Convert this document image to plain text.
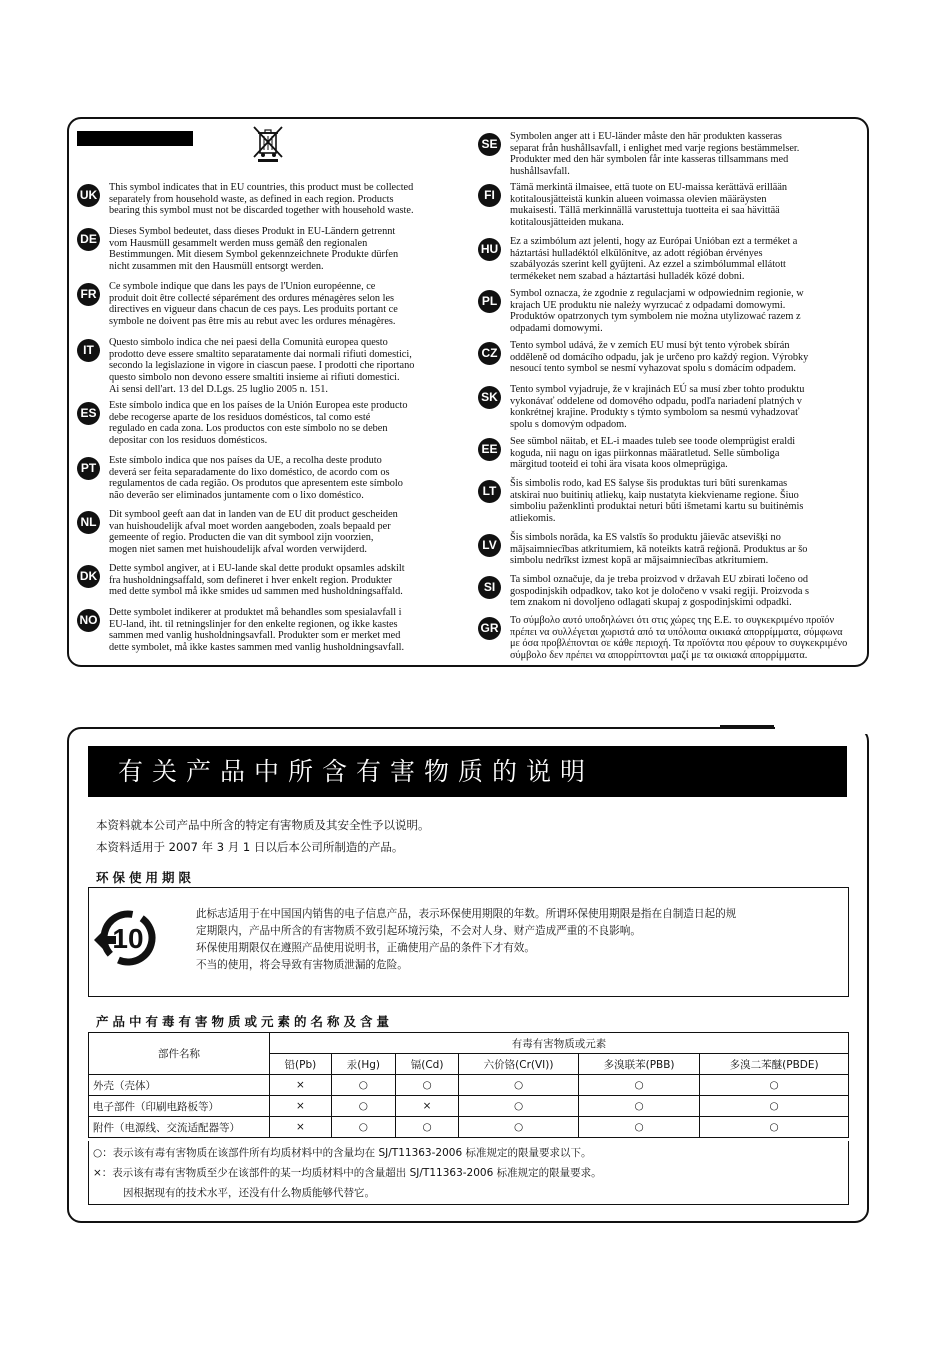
UK
This symbol indicates that in EU countries, this product must be collected
separately from household waste, as defined in each region. Products
bearing this symbol must not be discarded together with household waste.
DE
Dieses Symbol bedeutet, dass dieses Produkt in EU-Ländern getrennt
vom Hausmüll gesammelt werden muss gemäß den regionalen
Bestimmungen. Mit diesem Symbol gekennzeichnete Produkte dürfen
nicht zusammen mit den Hausmüll entsorgt werden.
FR
Ce symbole indique que dans les pays de l'Union européenne, ce
produit doit être collecté séparément des ordures ménagères selon les
directives en vigueur dans chacun de ces pays. Les produits portant ce
symbole ne doivent pas être mis au rebut avec les ordures ménagères.
IT
Questo simbolo indica che nei paesi della Comunità europea questo
prodotto deve essere smaltito separatamente dai normali rifiuti domestici,
secondo la legislazione in vigore in ciascun paese. I prodotti che riportano
questo simbolo non devono essere smaltiti insieme ai rifiuti domestici.
Ai sensi dell'art. 13 del D.Lgs. 25 luglio 2005 n. 151.
ES
Este símbolo indica que en los países de la Unión Europea este producto
debe recogerse aparte de los residuos domésticos, tal como esté
regulado en cada zona. Los productos con este símbolo no se deben
depositar con los residuos domésticos.
PT
Este símbolo indica que nos países da UE, a recolha deste produto
deverá ser feita separadamente do lixo doméstico, de acordo com os
regulamentos de cada região. Os produtos que apresentem este símbolo
não deverão ser eliminados juntamente com o lixo doméstico.
NL
Dit symbool geeft aan dat in landen van de EU dit product gescheiden
van huishoudelijk afval moet worden aangeboden, zoals bepaald per
gemeente of regio. Producten die van dit symbool zijn voorzien,
mogen niet samen met huishoudelijk afval worden verwijderd.
DK
Dette symbol angiver, at i EU-lande skal dette produkt opsamles adskilt
fra husholdningsaffald, som defineret i hver enkelt region. Produkter
med dette symbol må ikke smides ud sammen med husholdningsaffald.
NO
Dette symbolet indikerer at produktet må behandles som spesialavfall i
EU-land, iht. til retningslinjer for den enkelte regionen, og ikke kastes
sammen med vanlig husholdningsavfall. Produkter som er merket med
dette symbolet, må ikke kastes sammen med vanlig husholdningsavfall.
SE
Symbolen anger att i EU-länder måste den här produkten kasseras
separat från hushållsavfall, i enlighet med varje regions bestämmelser.
Produkter med den här symbolen får inte kasseras tillsammans med
hushållsavfall.
FI
Tämä merkintä ilmaisee, että tuote on EU-maissa kerättävä erillään
kotitalousjätteistä kunkin alueen voimassa olevien määräysten
mukaisesti. Tällä merkinnällä varustettuja tuotteita ei saa hävittää
kotitalousjätteiden mukana.
HU
Ez a szimbólum azt jelenti, hogy az Európai Unióban ezt a terméket a
háztartási hulladéktól elkülönítve, az adott régióban érvényes
szabályozás szerint kell gyűjteni. Az ezzel a szimbólummal ellátott
termékeket nem szabad a háztartási hulladék közé dobni.
PL
Symbol oznacza, że zgodnie z regulacjami w odpowiednim regionie, w
krajach UE produktu nie należy wyrzucać z odpadami domowymi.
Produktów opatrzonych tym symbolem nie można utylizować razem z
odpadami domowymi.
CZ
Tento symbol udává, že v zemích EU musí být tento výrobek sbírán
odděleně od domácího odpadu, jak je určeno pro každý region. Výrobky
nesoucí tento symbol se nesmí vyhazovat spolu s domácím odpadem.
SK
Tento symbol vyjadruje, že v krajinách EÚ sa musí zber tohto produktu
vykonávať oddelene od domového odpadu, podľa nariadení platných v
konkrétnej krajine. Produkty s týmto symbolom sa nesmú vyhadzovať
spolu s domovým odpadom.
EE
See sümbol näitab, et EL-i maades tuleb see toode olemprügist eraldi
koguda, nii nagu on igas piirkonnas määratletud. Selle sümboliga
märgitud tooteid ei tohi ära visata koos olmeprügiga.
LT
Šis simbolis rodo, kad ES šalyse šis produktas turi būti surenkamas
atskirai nuo buitinių atliekų, kaip nustatyta kiekviename regione. Šiuo
simboliu paženklinti produktai neturi būti išmetami kartu su buitinėmis
atliekomis.
LV
Šis simbols norāda, ka ES valstīs šo produktu jāievāc atsevišķi no
mājsaimniecības atkritumiem, kā noteikts katrā reģionā. Produktus ar šo
simbolu nedrīkst izmest kopā ar mājsaimniecības atkritumiem.
SI
Ta simbol označuje, da je treba proizvod v državah EU zbirati ločeno od
gospodinjskih odpadkov, tako kot je določeno v vsaki regiji. Proizvoda s
tem znakom ni dovoljeno odlagati skupaj z gospodinjskimi odpadki.
GR
Το σύμβολο αυτό υποδηλώνει ότι στις χώρες της Ε.Ε. το συγκεκριμένο προϊόν
πρέπει να συλλέγεται χωριστά από τα υπόλοιπα οικιακά απορρίμματα, σύμφωνα
με όσα προβλέπονται σε κάθε περιοχή. Τα προϊόντα που φέρουν το συγκεκριμένο
σύμβολο δεν πρέπει να απορρίπτονται μαζί με τα οικιακά απορρίμματα.
有关产品中所含有害物质的说明
本资料就本公司产品中所含的特定有害物质及其安全性予以说明。
本资料适用于 2007 年 3 月 1 日以后本公司所制造的产品。
环保使用期限
10
此标志适用于在中国国内销售的电子信息产品，表示环保使用期限的年数。所谓环保使用期限是指在自制造日起的规
定期限内，产品中所含的有害物质不致引起环境污染，不会对人身、财产造成严重的不良影响。
环保使用期限仅在遵照产品使用说明书，正确使用产品的条件下才有效。
不当的使用，将会导致有害物质泄漏的危险。
产品中有毒有害物质或元素的名称及含量
部件名称	有毒有害物质或元素					
	铅(Pb)	汞(Hg)	镉(Cd)	六价铬(Cr(VI))	多溴联苯(PBB)	多溴二苯醚(PBDE)
外壳（壳体）	×	○	○	○	○	○
电子部件（印刷电路板等）	×	○	×	○	○	○
附件（电源线、交流适配器等）	×	○	○	○	○	○
○：表示该有毒有害物质在该部件所有均质材料中的含量均在 SJ/T11363-2006 标准规定的限量要求以下。
×：表示该有毒有害物质至少在该部件的某一均质材料中的含量超出 SJ/T11363-2006 标准规定的限量要求。
因根据现有的技术水平，还没有什么物质能够代替它。
